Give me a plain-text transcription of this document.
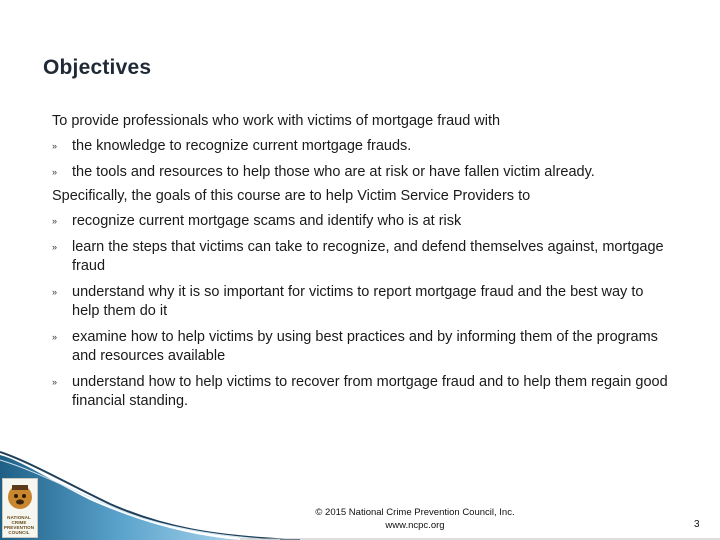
Objectives

To provide professionals who work with victims of mortgage fraud with

» the knowledge to recognize current mortgage frauds.
» the tools and resources to help those who are at risk or have fallen victim already.

Specifically, the goals of this course are to help Victim Service Providers to

» recognize current mortgage scams and identify who is at risk
» learn the steps that victims can take to recognize, and defend themselves against, mortgage fraud
» understand why it is so important for victims to report mortgage fraud and the best way to help them do it
» examine how to help victims by using best practices and by informing them of the programs and resources available
» understand how to help victims to recover from mortgage fraud and to help them regain good financial standing.
NATIONAL CRIME PREVENTION COUNCIL
© 2015 National Crime Prevention Council, Inc.
www.ncpc.org	3
